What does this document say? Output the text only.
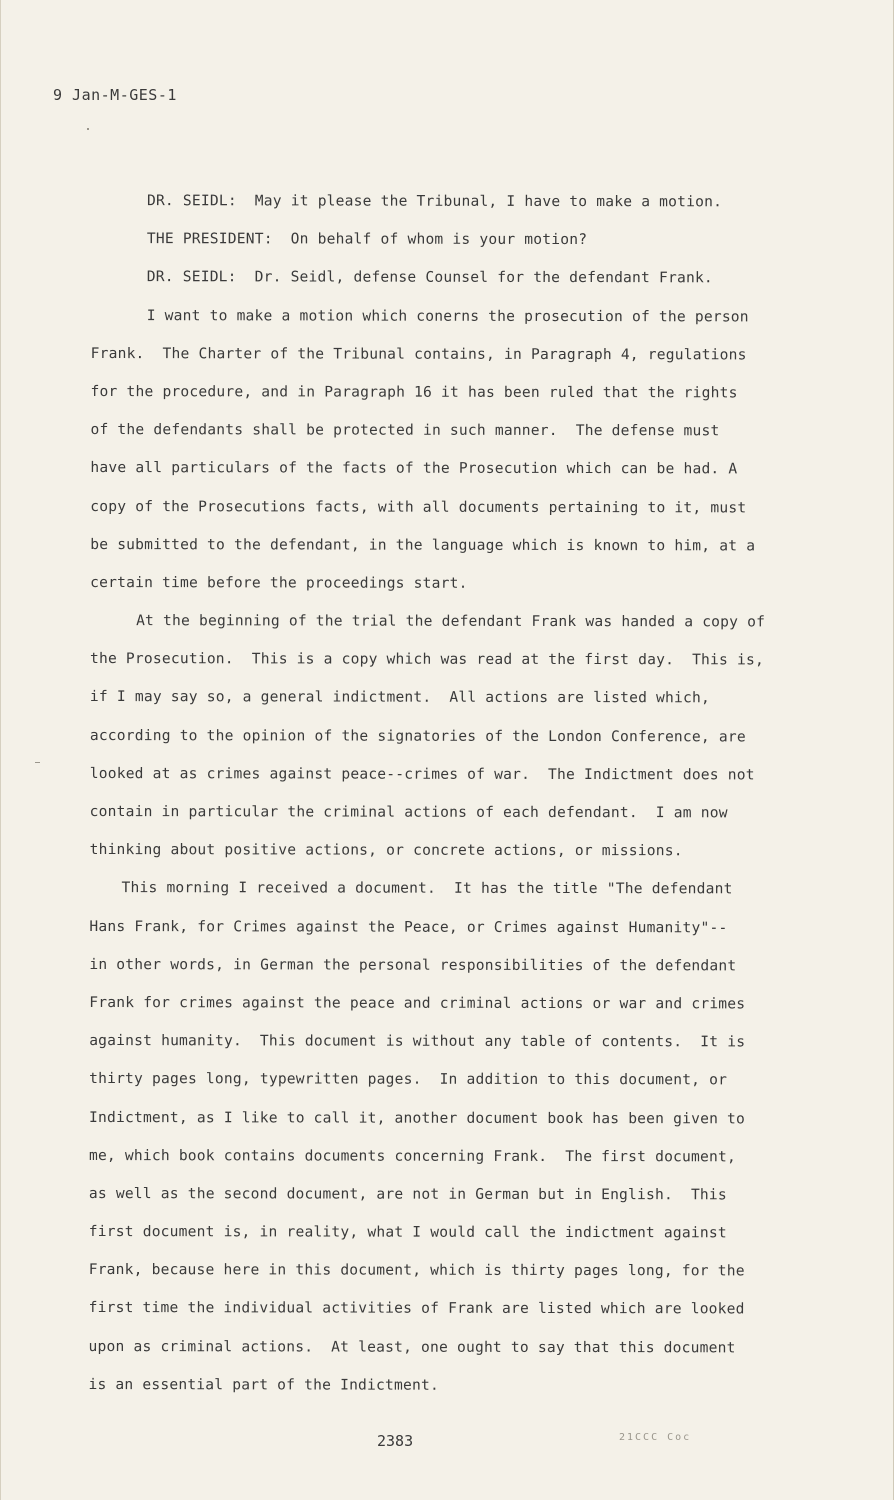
9 Jan-M-GES-1
DR. SEIDL:  May it please the Tribunal, I have to make a motion.
THE PRESIDENT:  On behalf of whom is your motion?
DR. SEIDL:  Dr. Seidl, defense Counsel for the defendant Frank.
I want to make a motion which conerns the prosecution of the person
Frank.  The Charter of the Tribunal contains, in Paragraph 4, regulations
for the procedure, and in Paragraph 16 it has been ruled that the rights
of the defendants shall be protected in such manner.  The defense must
have all particulars of the facts of the Prosecution which can be had. A
copy of the Prosecutions facts, with all documents pertaining to it, must
be submitted to the defendant, in the language which is known to him, at a
certain time before the proceedings start.
At the beginning of the trial the defendant Frank was handed a copy of
the Prosecution.  This is a copy which was read at the first day.  This is,
if I may say so, a general indictment.  All actions are listed which,
according to the opinion of the signatories of the London Conference, are
looked at as crimes against peace--crimes of war.  The Indictment does not
contain in particular the criminal actions of each defendant.  I am now
thinking about positive actions, or concrete actions, or missions.
This morning I received a document.  It has the title "The defendant
Hans Frank, for Crimes against the Peace, or Crimes against Humanity"--
in other words, in German the personal responsibilities of the defendant
Frank for crimes against the peace and criminal actions or war and crimes
against humanity.  This document is without any table of contents.  It is
thirty pages long, typewritten pages.  In addition to this document, or
Indictment, as I like to call it, another document book has been given to
me, which book contains documents concerning Frank.  The first document,
as well as the second document, are not in German but in English.  This
first document is, in reality, what I would call the indictment against
Frank, because here in this document, which is thirty pages long, for the
first time the individual activities of Frank are listed which are looked
upon as criminal actions.  At least, one ought to say that this document
is an essential part of the Indictment.
2383	21CCC Coc
